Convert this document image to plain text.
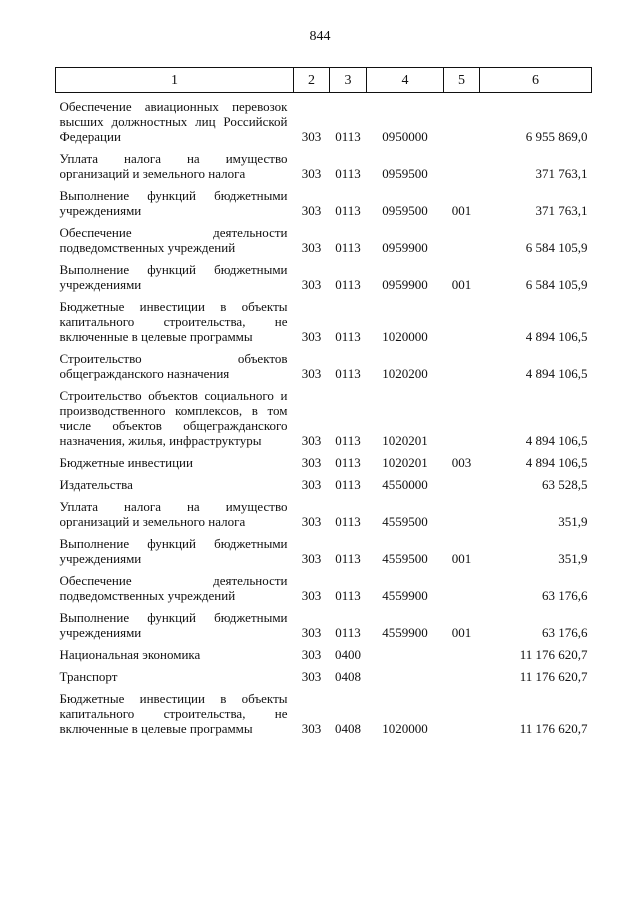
844
1	2	3	4	5	6
Обеспечение авиационных перевозок высших должностных лиц Российской Федерации	303	0113	0950000		6 955 869,0
Уплата налога на имущество организаций и земельного налога	303	0113	0959500		371 763,1
Выполнение функций бюджетными учреждениями	303	0113	0959500	001	371 763,1
Обеспечение деятельности подведомственных учреждений	303	0113	0959900		6 584 105,9
Выполнение функций бюджетными учреждениями	303	0113	0959900	001	6 584 105,9
Бюджетные инвестиции в объекты капитального строительства, не включенные в целевые программы	303	0113	1020000		4 894 106,5
Строительство объектов общегражданского назначения	303	0113	1020200		4 894 106,5
Строительство объектов социального и производственного комплексов, в том числе объектов общегражданского назначения, жилья, инфраструктуры	303	0113	1020201		4 894 106,5
Бюджетные инвестиции	303	0113	1020201	003	4 894 106,5
Издательства	303	0113	4550000		63 528,5
Уплата налога на имущество организаций и земельного налога	303	0113	4559500		351,9
Выполнение функций бюджетными учреждениями	303	0113	4559500	001	351,9
Обеспечение деятельности подведомственных учреждений	303	0113	4559900		63 176,6
Выполнение функций бюджетными учреждениями	303	0113	4559900	001	63 176,6
Национальная экономика	303	0400			11 176 620,7
Транспорт	303	0408			11 176 620,7
Бюджетные инвестиции в объекты капитального строительства, не включенные в целевые программы	303	0408	1020000		11 176 620,7
